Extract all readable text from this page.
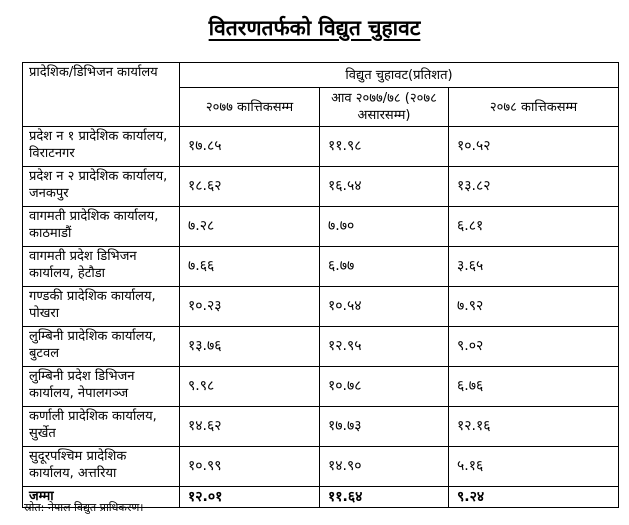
वितरणतर्फको विद्युत चुहावट
प्रादेशिक/डिभिजन कार्यालय	विद्युत चुहावट(प्रतिशत)		
	२०७७ कात्तिकसम्म	आव २०७७/७८ (२०७८ असारसम्म)	२०७८ कात्तिकसम्म
प्रदेश न १ प्रादेशिक कार्यालय, विराटनगर	१७.८५	११.९८	१०.५२
प्रदेश न २ प्रादेशिक कार्यालय, जनकपुर	१८.६२	१६.५४	१३.८२
वागमती प्रादेशिक कार्यालय, काठमाडौं	७.२८	७.७०	६.८१
वागमती प्रदेश डिभिजन कार्यालय, हेटौडा	७.६६	६.७७	३.६५
गण्डकी प्रादेशिक कार्यालय, पोखरा	१०.२३	१०.५४	७.९२
लुम्बिनी प्रादेशिक कार्यालय, बुटवल	१३.७६	१२.९५	९.०२
लुम्बिनी प्रदेश डिभिजन कार्यालय, नेपालगञ्ज	९.९८	१०.७८	६.७६
कर्णाली प्रादेशिक कार्यालय, सुर्खेत	१४.६२	१७.७३	१२.१६
सुदूरपश्चिम प्रादेशिक कार्यालय, अत्तरिया	१०.९९	१४.९०	५.१६
जम्मा	१२.०१	११.६४	९.२४
स्रोत: नेपाल विद्युत प्राधिकरण।
